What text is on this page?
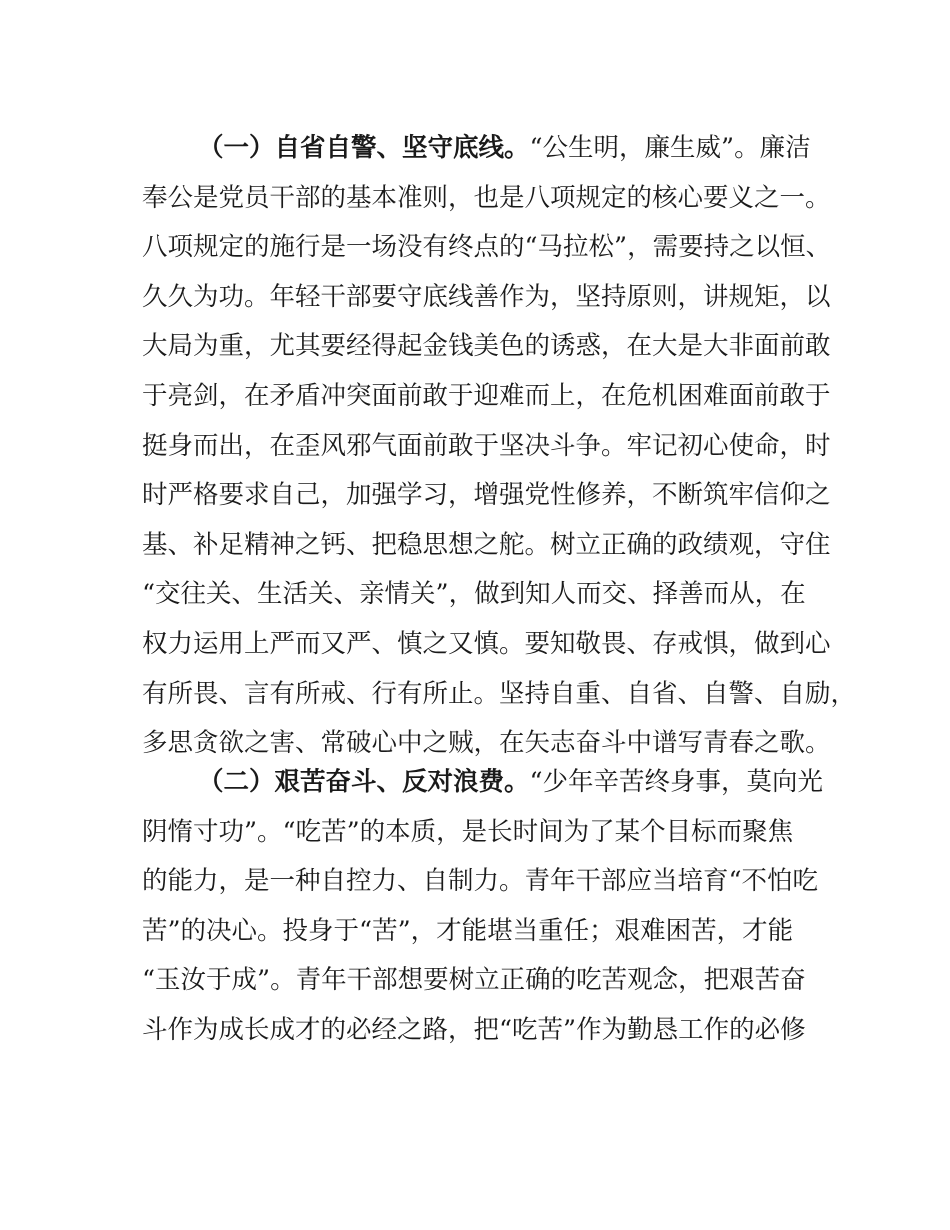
（一）自省自警、坚守底线。“公生明，廉生威”。廉洁
奉公是党员干部的基本准则，也是八项规定的核心要义之一。
八项规定的施行是一场没有终点的“马拉松”，需要持之以恒、
久久为功。年轻干部要守底线善作为，坚持原则，讲规矩，以
大局为重，尤其要经得起金钱美色的诱惑，在大是大非面前敢
于亮剑，在矛盾冲突面前敢于迎难而上，在危机困难面前敢于
挺身而出，在歪风邪气面前敢于坚决斗争。牢记初心使命，时
时严格要求自己，加强学习，增强党性修养，不断筑牢信仰之
基、补足精神之钙、把稳思想之舵。树立正确的政绩观，守住
“交往关、生活关、亲情关”，做到知人而交、择善而从，在
权力运用上严而又严、慎之又慎。要知敬畏、存戒惧，做到心
有所畏、言有所戒、行有所止。坚持自重、自省、自警、自励，
多思贪欲之害、常破心中之贼，在矢志奋斗中谱写青春之歌。
（二）艰苦奋斗、反对浪费。“少年辛苦终身事，莫向光
阴惰寸功”。“吃苦”的本质，是长时间为了某个目标而聚焦
的能力，是一种自控力、自制力。青年干部应当培育“不怕吃
苦”的决心。投身于“苦”，才能堪当重任；艰难困苦，才能
“玉汝于成”。青年干部想要树立正确的吃苦观念，把艰苦奋
斗作为成长成才的必经之路，把“吃苦”作为勤恳工作的必修
